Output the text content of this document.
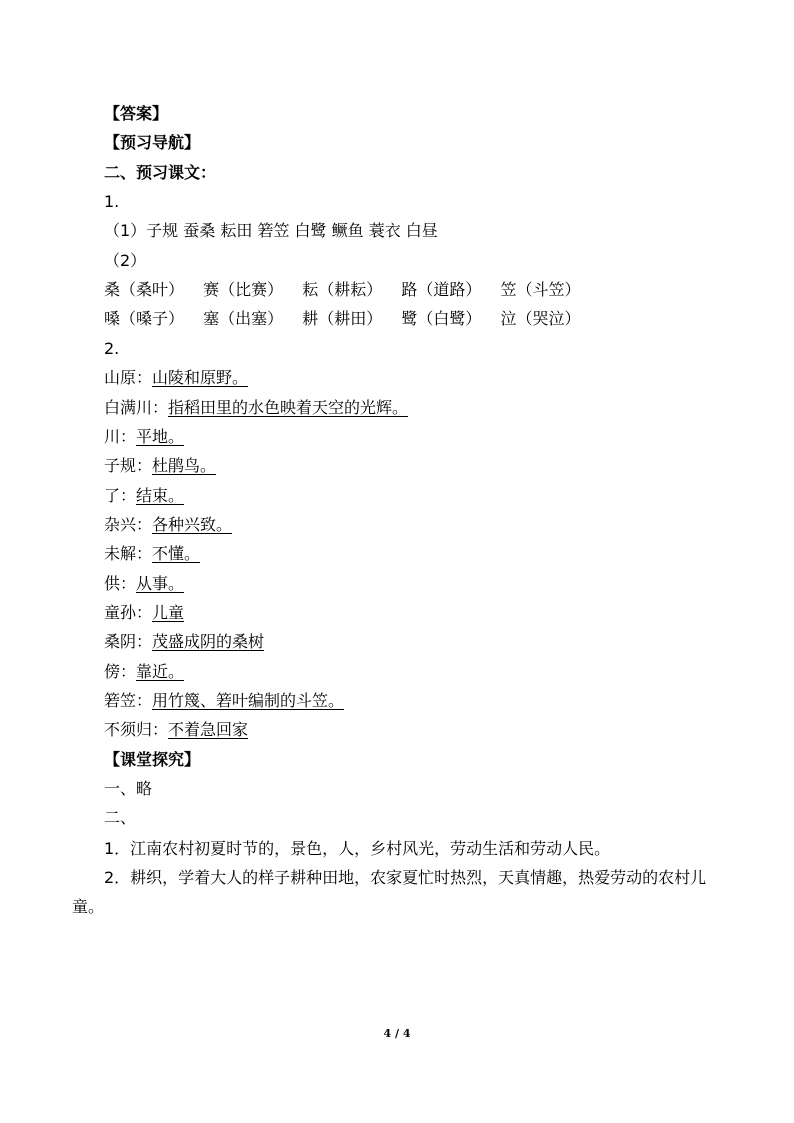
【答案】
【预习导航】
二、预习课文：
1.
（1）子规 蚕桑 耘田 箬笠 白鹭 鳜鱼 蓑衣 白昼
（2）
桑（桑叶） 赛（比赛） 耘（耕耘） 路（道路） 笠（斗笠）
嗓（嗓子） 塞（出塞） 耕（耕田） 鹭（白鹭） 泣（哭泣）
2.
山原：山陵和原野。
白满川：指稻田里的水色映着天空的光辉。
川：平地。
子规：杜鹃鸟。
了：结束。
杂兴：各种兴致。
未解：不懂。
供：从事。
童孙：儿童
桑阴：茂盛成阴的桑树
傍：靠近。
箬笠：用竹篾、箬叶编制的斗笠。
不须归：不着急回家
【课堂探究】
一、略
二、
1．江南农村初夏时节的，景色，人，乡村风光，劳动生活和劳动人民。
2．耕织，学着大人的样子耕种田地，农家夏忙时热烈，天真情趣，热爱劳动的农村儿童。
4 / 4
